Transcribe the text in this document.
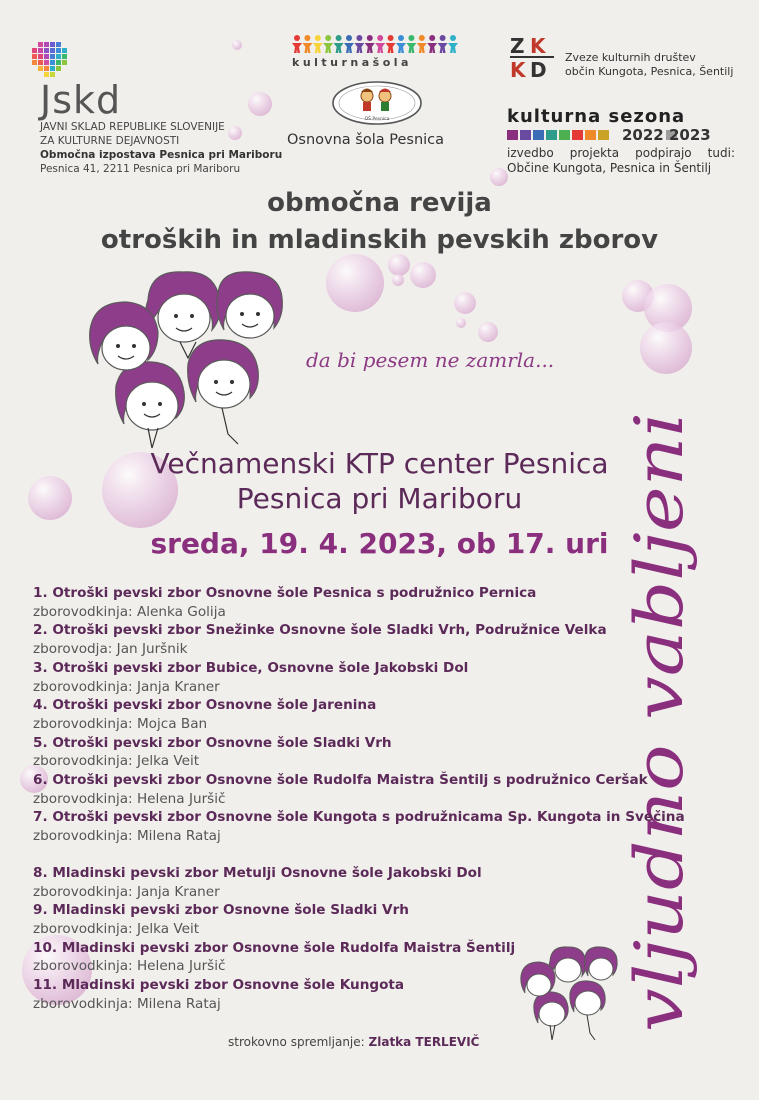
Jskd
JAVNI SKLAD REPUBLIKE SLOVENIJE
ZA KULTURNE DEJAVNOSTI
Območna izpostava Pesnica pri Mariboru
Pesnica 41, 2211 Pesnica pri Mariboru
kulturnašola
OŠ Pesnica
Osnovna šola Pesnica
Z K
K D
Zveze kulturnih društev
občin Kungota, Pesnica, Šentilj
kulturna sezona
2022 2023
izvedbo projekta podpirajo tudi:
Občine Kungota, Pesnica in Šentilj
območna revija
otroških in mladinskih pevskih zborov
da bi pesem ne zamrla...
vljudno vabljeni
Večnamenski KTP center Pesnica
Pesnica pri Mariboru
sreda, 19. 4. 2023, ob 17. uri
1. Otroški pevski zbor Osnovne šole Pesnica s podružnico Pernica
zborovodkinja: Alenka Golija
2. Otroški pevski zbor Snežinke Osnovne šole Sladki Vrh, Podružnice Velka
zborovodja: Jan Juršnik
3. Otroški pevski zbor Bubice, Osnovne šole Jakobski Dol
zborovodkinja: Janja Kraner
4. Otroški pevski zbor Osnovne šole Jarenina
zborovodkinja: Mojca Ban
5. Otroški pevski zbor Osnovne šole Sladki Vrh
zborovodkinja: Jelka Veit
6. Otroški pevski zbor Osnovne šole Rudolfa Maistra Šentilj s podružnico Ceršak
zborovodkinja: Helena Juršič
7. Otroški pevski zbor Osnovne šole Kungota s podružnicama Sp. Kungota in Svečina
zborovodkinja: Milena Rataj
8. Mladinski pevski zbor Metulji Osnovne šole Jakobski Dol
zborovodkinja: Janja Kraner
9. Mladinski pevski zbor Osnovne šole Sladki Vrh
zborovodkinja: Jelka Veit
10. Mladinski pevski zbor Osnovne šole Rudolfa Maistra Šentilj
zborovodkinja: Helena Juršič
11. Mladinski pevski zbor Osnovne šole Kungota
zborovodkinja: Milena Rataj
strokovno spremljanje: Zlatka TERLEVIČ
